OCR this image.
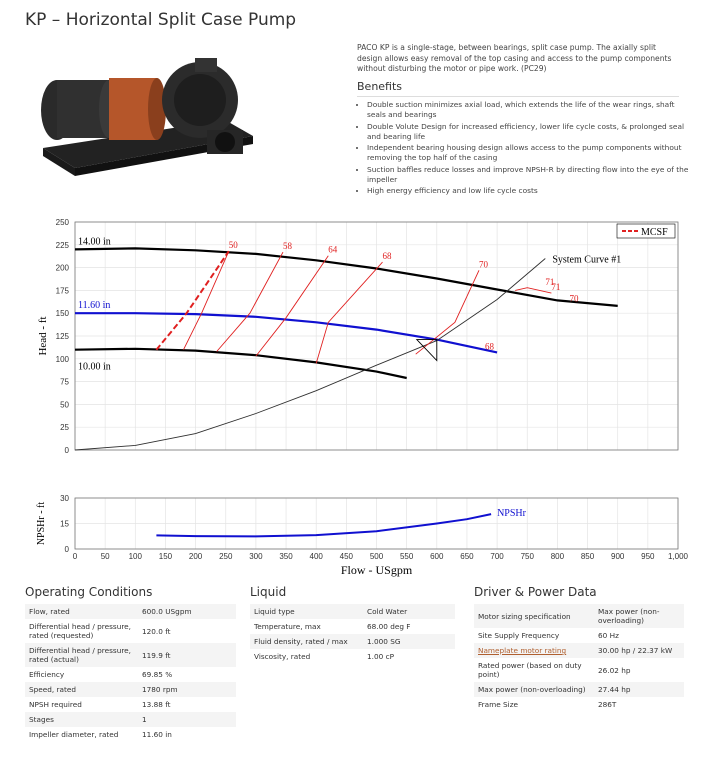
KP – Horizontal Split Case Pump
PACO KP is a single-stage, between bearings, split case pump. The axially split design allows easy removal of the top casing and access to the pump components without disturbing the motor or pipe work. (PC29)
Benefits
• Double suction minimizes axial load, which extends the life of the wear rings, shaft seals and bearings
• Double Volute Design for increased efficiency, lower life cycle costs, & prolonged seal and bearing life
• Independent bearing housing design allows access to the pump components without removing the top half of the casing
• Suction baffles reduce losses and improve NPSH-R by directing flow into the eye of the impeller
• High energy efficiency and low life cycle costs
0
25
50
75
100
125
150
175
200
225
250
Head - ft
50	58	64
68
70
71
71
70
68
14.00 in
11.60 in
10.00 in
System Curve #1
MCSF
0	50 100 150 200 250 300 350 400 450 500 550 600 650 700 750 800 850 900 950 1,000
0
15
30
NPSHr - ft
Flow - USgpm
NPSHr
Operating Conditions
Flow, rated	600.0 USgpm
Differential head / pressure, rated (requested)	120.0 ft
Differential head / pressure, rated (actual)	119.9 ft
Efficiency	69.85 %
Speed, rated	1780 rpm
NPSH required	13.88 ft
Stages	1
Impeller diameter, rated	11.60 in
Liquid
Liquid type	Cold Water
Temperature, max	68.00 deg F
Fluid density, rated / max	1.000 SG
Viscosity, rated	1.00 cP
Driver & Power Data
Motor sizing specification	Max power (non-overloading)
Site Supply Frequency	60 Hz
Nameplate motor rating	30.00 hp / 22.37 kW
Rated power (based on duty point)	26.02 hp
Max power (non-overloading)	27.44 hp
Frame Size	286T
